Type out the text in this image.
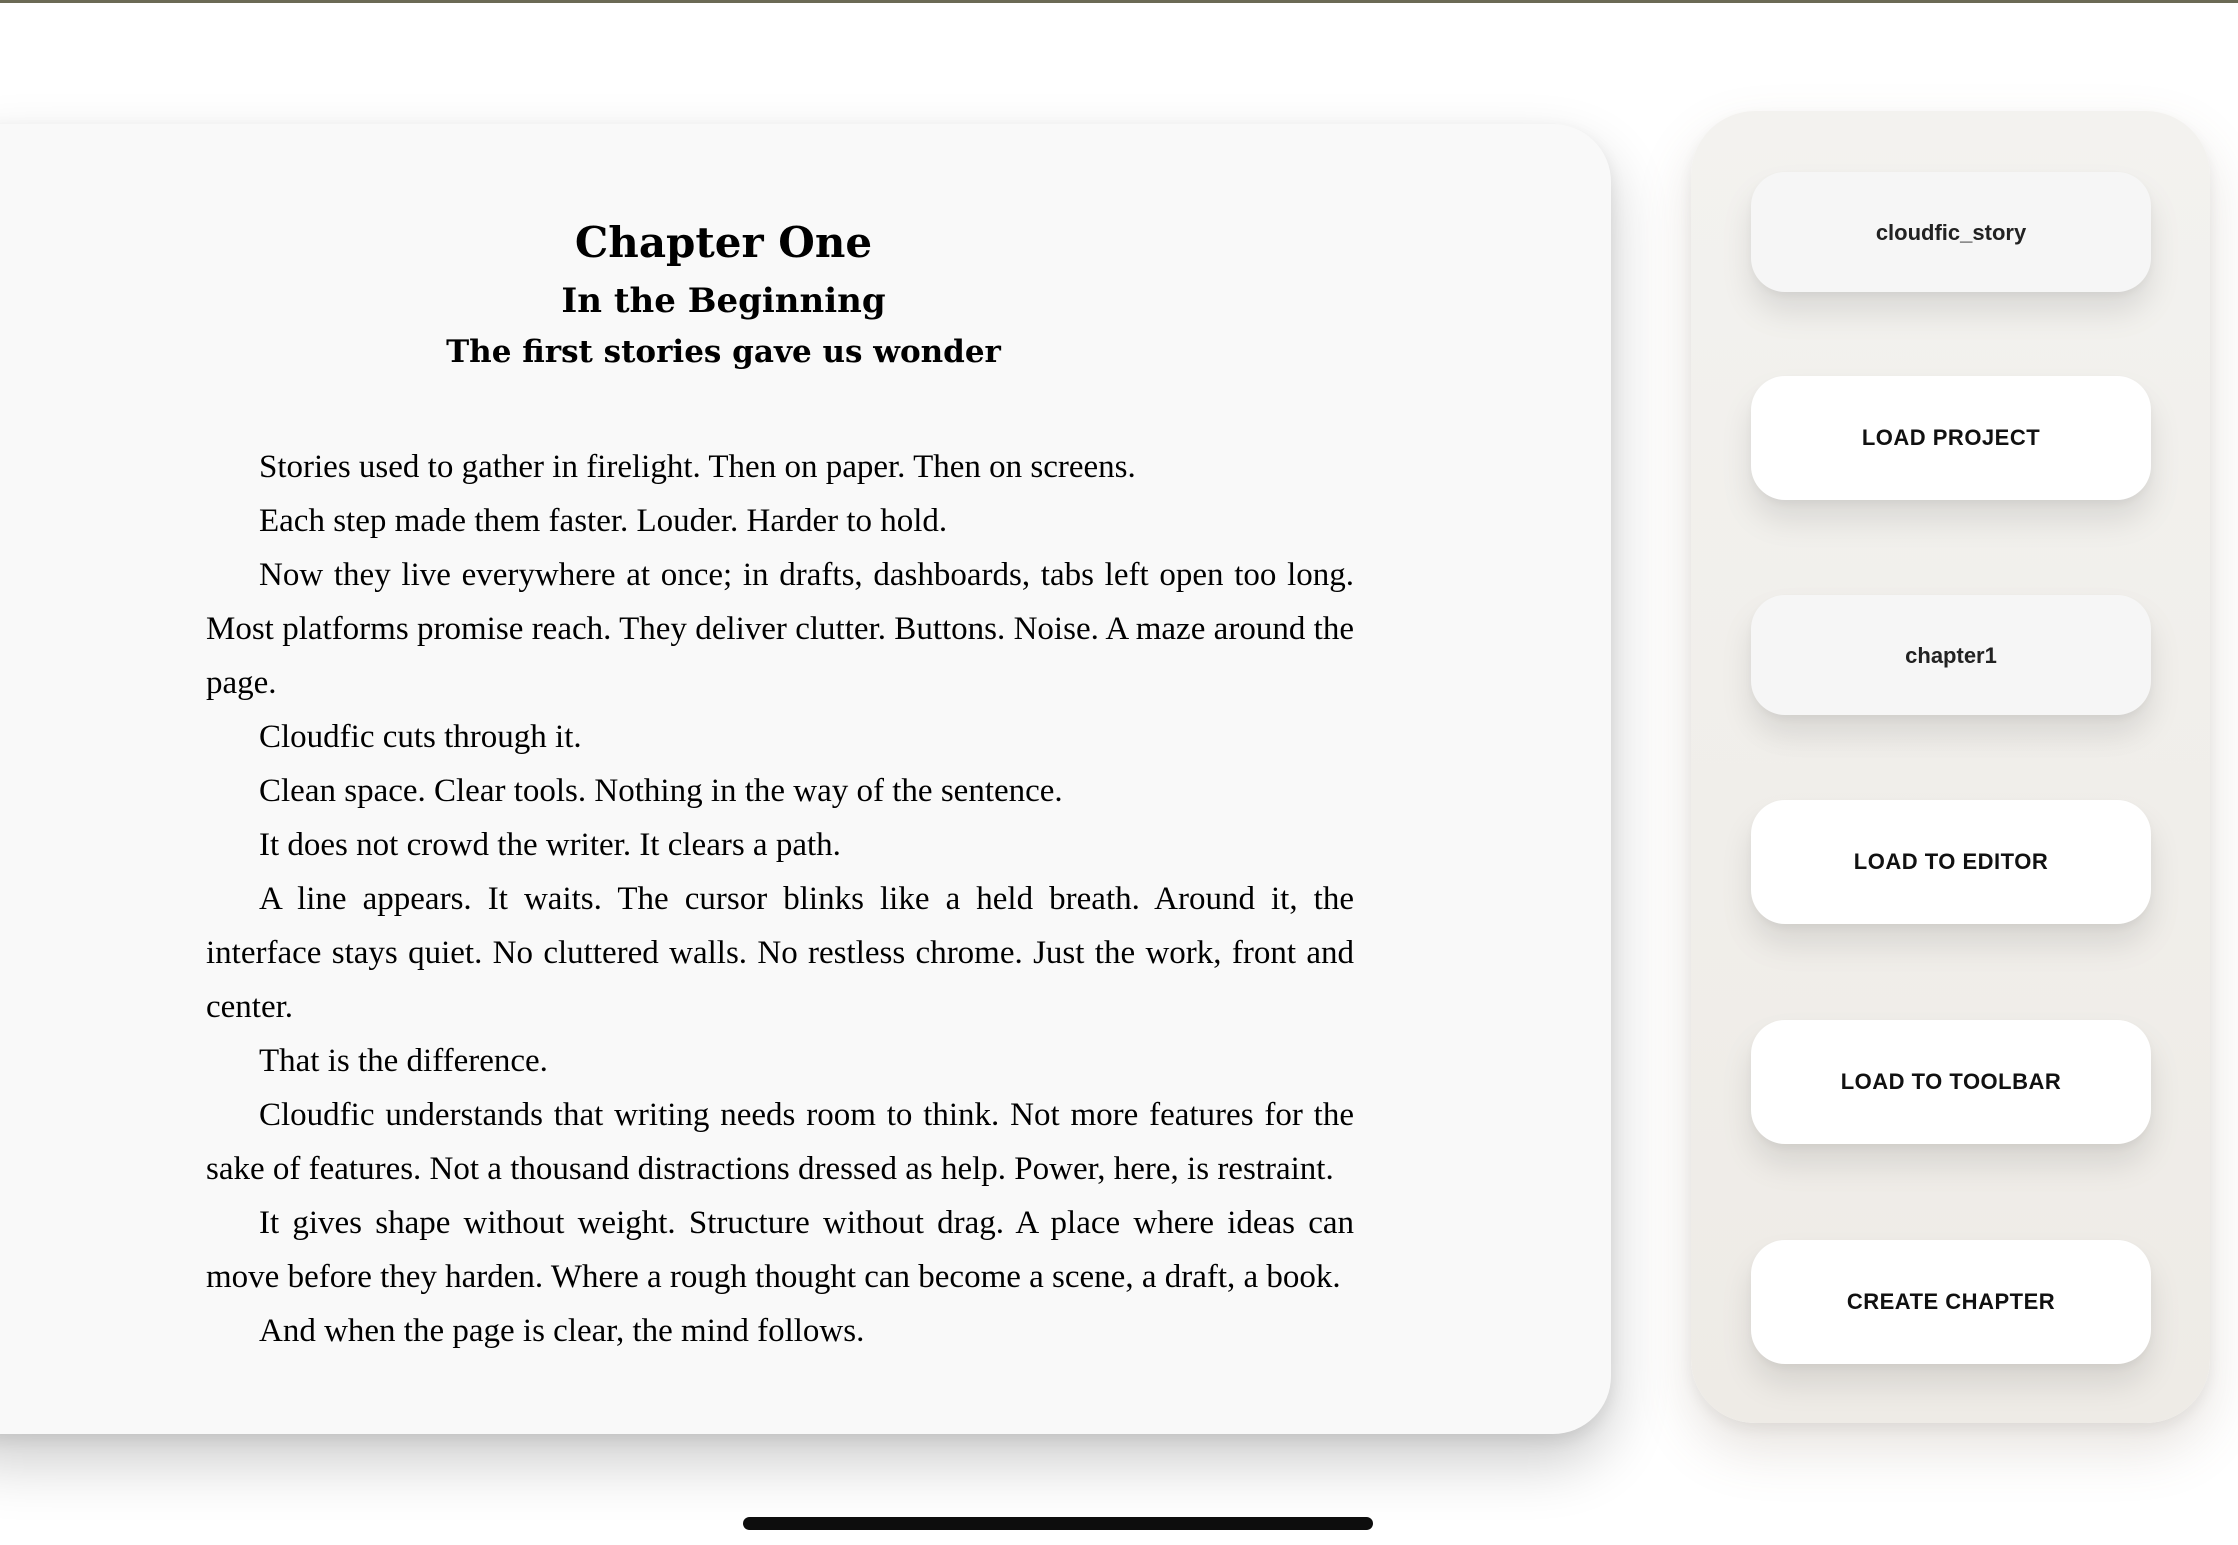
Chapter One
In the Beginning
The first stories gave us wonder

Stories used to gather in firelight. Then on paper. Then on screens.

Each step made them faster. Louder. Harder to hold.

Now they live everywhere at once; in drafts, dashboards, tabs left open too long. Most platforms promise reach. They deliver clutter. Buttons. Noise. A maze around the page.

Cloudfic cuts through it.

Clean space. Clear tools. Nothing in the way of the sentence.

It does not crowd the writer. It clears a path.

A line appears. It waits. The cursor blinks like a held breath. Around it, the interface stays quiet. No cluttered walls. No restless chrome. Just the work, front and center.

That is the difference.

Cloudfic understands that writing needs room to think. Not more features for the sake of features. Not a thousand distractions dressed as help. Power, here, is restraint.

It gives shape without weight. Structure without drag. A place where ideas can move before they harden. Where a rough thought can become a scene, a draft, a book.

And when the page is clear, the mind follows.

cloudfic_story
LOAD PROJECT
chapter1
LOAD TO EDITOR
LOAD TO TOOLBAR
CREATE CHAPTER
